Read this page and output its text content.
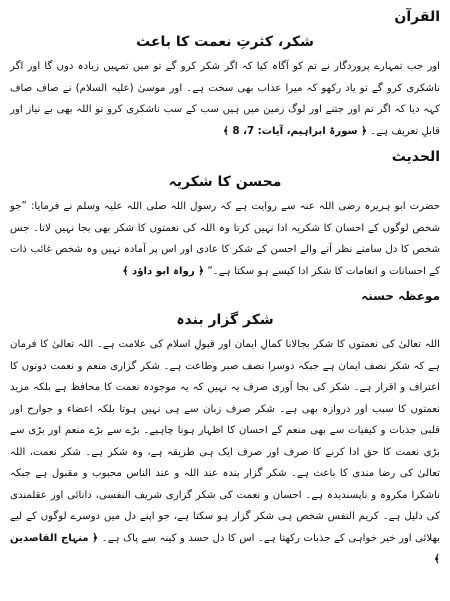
القرآن
شکر، کثرتِ نعمت کا باعث

اور جب تمہارے پروردگار نے تم کو آگاہ کیا کہ اگر شکر کرو گے تو میں تمہیں زیادہ دوں گا اور اگر ناشکری کرو گے تو یاد رکھو کہ میرا عذاب بھی سخت ہے۔ اور موسیٰ (علیہ السلام) نے صاف صاف کہہ دیا کہ اگر تم اور جتنے اور لوگ زمین میں ہیں سب کے سب ناشکری کرو تو اللہ بھی بے نیاز اور قابلِ تعریف ہے۔ ﴿ سورۃ ابراہیم، آیات: 7، 8 ﴾

الحدیث
محسن کا شکریہ

حضرت ابو ہریرہ رضی اللہ عنہ سے روایت ہے کہ رسول اللہ صلی اللہ علیہ وسلم نے فرمایا: ”جو شخص لوگوں کے احسان کا شکریہ ادا نہیں کرتا وہ اللہ کی نعمتوں کا شکر بھی بجا نہیں لاتا۔ جس شخص کا دل سامنے نظر آنے والے احسن کے شکر کا عادی اور اس پر آمادہ نہیں وہ شخص غائب ذات کے احسانات و انعامات کا شکر ادا کیسے ہو سکتا ہے۔“ ﴿ رواہ ابو داؤد ﴾

موعظہ حسنہ
شکر گزار بندہ

اللہ تعالیٰ کی نعمتوں کا شکر بجالانا کمالِ ایمان اور قبولِ اسلام کی علامت ہے۔ اللہ تعالیٰ کا فرمان ہے کہ شکر نصف ایمان ہے جبکہ دوسرا نصف صبر وطاعت ہے۔ شکر گزاری منعم و نعمت دونوں کا اعتراف و اقرار ہے۔ شکر کی بجا آوری صرف یہ نہیں کہ یہ موجودہ نعمت کا محافظ ہے بلکہ مزید نعمتوں کا سبب اور دروازہ بھی ہے۔ شکر صرف زبان سے ہی نہیں ہوتا بلکہ اعضاء و جوارح اور قلبی جذبات و کیفیات سے بھی منعم کے احسان کا اظہار ہونا چاہیے۔ بڑے سے بڑے منعم اور بڑی سے بڑی نعمت کا حق ادا کرنے کا صرف اور صرف ایک ہی طریقہ ہے، وہ شکر ہے۔ شکر نعمت، اللہ تعالیٰ کی رضا مندی کا باعث ہے۔ شکر گزار بندہ عند اللہ و عند الناس محبوب و مقبول ہے جبکہ ناشکرا مکروہ و ناپسندیدہ ہے۔ احسان و نعمت کی شکر گزاری شریف النفسی، دانائی اور عقلمندی کی دلیل ہے۔ کریم النفس شخص ہی شکر گزار ہو سکتا ہے، جو اپنے دل میں دوسرے لوگوں کے لیے بھلائی اور خیر خواہی کے جذبات رکھتا ہے۔ اس کا دل حسد و کینہ سے پاک ہے۔ ﴿ منہاج القاصدین ﴾
